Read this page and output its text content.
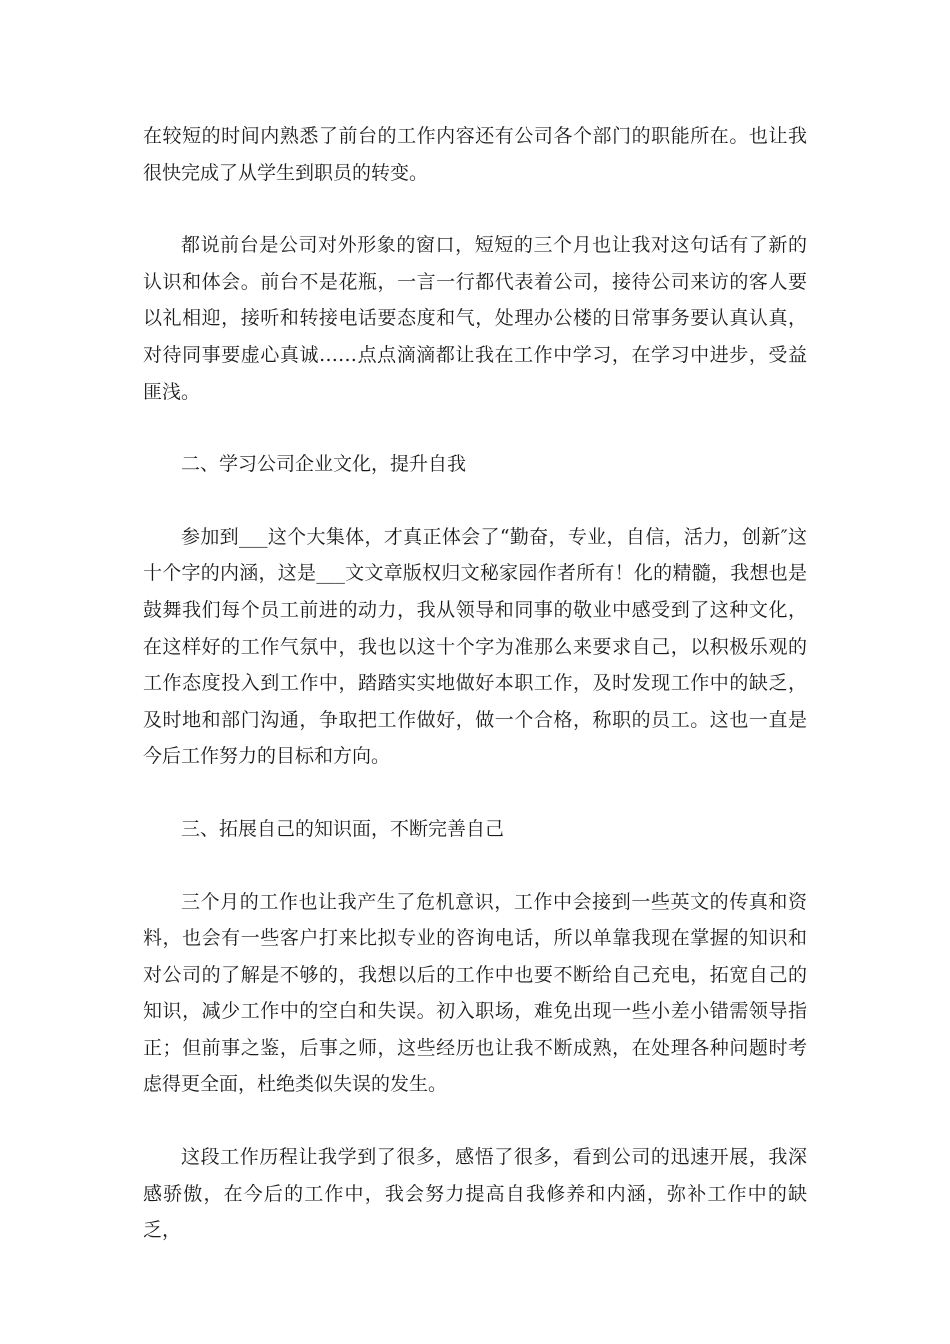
在较短的时间内熟悉了前台的工作内容还有公司各个部门的职能所在。也让我很快完成了从学生到职员的转变。

都说前台是公司对外形象的窗口，短短的三个月也让我对这句话有了新的认识和体会。前台不是花瓶，一言一行都代表着公司，接待公司来访的客人要以礼相迎，接听和转接电话要态度和气，处理办公楼的日常事务要认真认真，对待同事要虚心真诚……点点滴滴都让我在工作中学习，在学习中进步，受益匪浅。

二、学习公司企业文化，提升自我

参加到___这个大集体，才真正体会了“勤奋，专业，自信，活力，创新″这十个字的内涵，这是___文文章版权归文秘家园作者所有！化的精髓，我想也是鼓舞我们每个员工前进的动力，我从领导和同事的敬业中感受到了这种文化，在这样好的工作气氛中，我也以这十个字为准那么来要求自己，以积极乐观的工作态度投入到工作中，踏踏实实地做好本职工作，及时发现工作中的缺乏，及时地和部门沟通，争取把工作做好，做一个合格，称职的员工。这也一直是今后工作努力的目标和方向。

三、拓展自己的知识面，不断完善自己

三个月的工作也让我产生了危机意识，工作中会接到一些英文的传真和资料，也会有一些客户打来比拟专业的咨询电话，所以单靠我现在掌握的知识和对公司的了解是不够的，我想以后的工作中也要不断给自己充电，拓宽自己的知识，减少工作中的空白和失误。初入职场，难免出现一些小差小错需领导指正；但前事之鉴，后事之师，这些经历也让我不断成熟，在处理各种问题时考虑得更全面，杜绝类似失误的发生。

这段工作历程让我学到了很多，感悟了很多，看到公司的迅速开展，我深感骄傲，在今后的工作中，我会努力提高自我修养和内涵，弥补工作中的缺乏，
